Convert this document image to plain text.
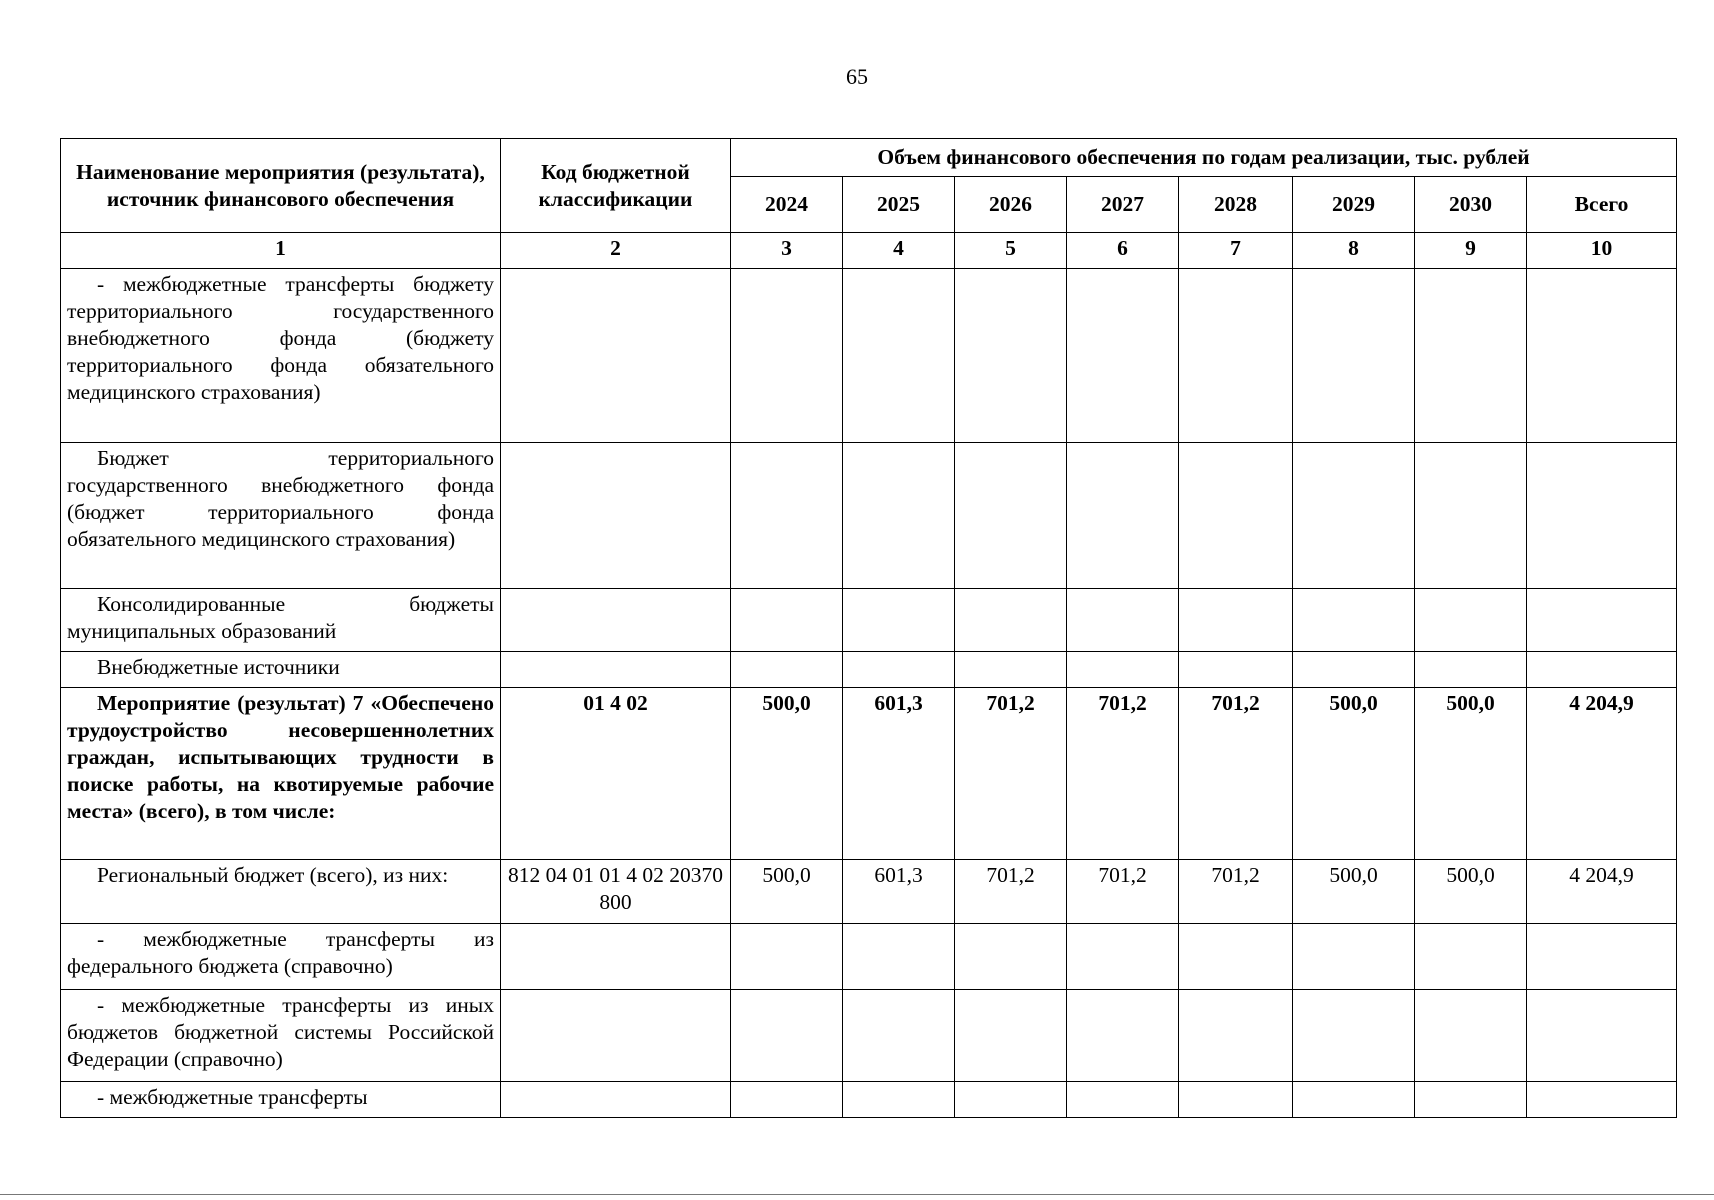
65
Наименование мероприятия (результата), источник финансового обеспечения	Код бюджетной классификации	Объем финансового обеспечения по годам реализации, тыс. рублей							
		2024	2025	2026	2027	2028	2029	2030	Всего
1	2	3	4	5	6	7	8	9	10

- межбюджетные трансферты бюджету территориального государственного внебюджетного фонда (бюджету территориального фонда обязательного медицинского страхования)									

Бюджет территориального государственного внебюджетного фонда (бюджет территориального фонда обязательного медицинского страхования)									

Консолидированные бюджеты муниципальных образований									

Внебюджетные источники									

Мероприятие (результат) 7 «Обеспечено трудоустройство несовершеннолетних граждан, испытывающих трудности в поиске работы, на квотируемые рабочие места» (всего), в том числе:	01 4 02	500,0	601,3	701,2	701,2	701,2	500,0	500,0	4 204,9

Региональный бюджет (всего), из них:	812 04 01 01 4 02 20370 800	500,0	601,3	701,2	701,2	701,2	500,0	500,0	4 204,9

- межбюджетные трансферты из федерального бюджета (справочно)									

- межбюджетные трансферты из иных бюджетов бюджетной системы Российской Федерации (справочно)									

- межбюджетные трансферты									
